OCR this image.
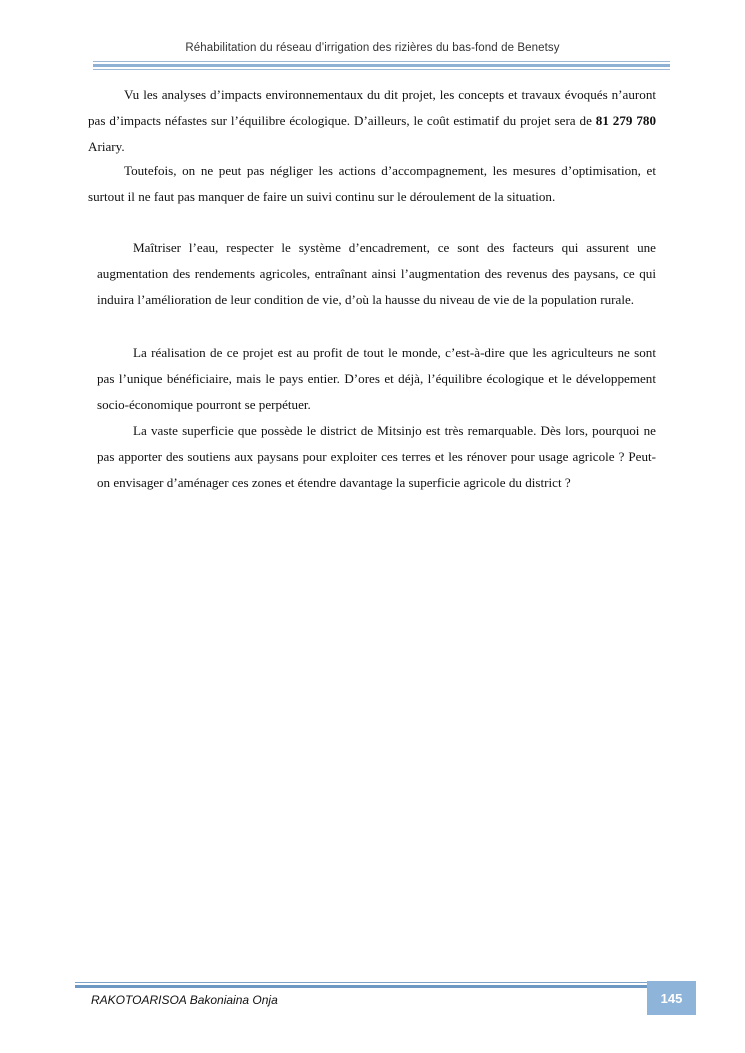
Réhabilitation du réseau d’irrigation des rizières du bas-fond de Benetsy

Vu les analyses d’impacts environnementaux du dit projet, les concepts et travaux évoqués n’auront pas d’impacts néfastes sur l’équilibre écologique. D’ailleurs, le coût estimatif du projet sera de 81 279 780 Ariary.

Toutefois, on ne peut pas négliger les actions d’accompagnement, les mesures d’optimisation, et surtout il ne faut pas manquer de faire un suivi continu sur le déroulement de la situation.

Maîtriser l’eau, respecter le système d’encadrement, ce sont des facteurs qui assurent une augmentation des rendements agricoles, entraînant ainsi l’augmentation des revenus des paysans, ce qui induira l’amélioration de leur condition de vie, d’où la hausse du niveau de vie de la population rurale.

La réalisation de ce projet est au profit de tout le monde, c’est-à-dire que les agriculteurs ne sont pas l’unique bénéficiaire, mais le pays entier. D’ores et déjà, l’équilibre écologique et le développement socio-économique pourront se perpétuer.

La vaste superficie que possède le district de Mitsinjo est très remarquable. Dès lors, pourquoi ne pas apporter des soutiens aux paysans pour exploiter ces terres et les rénover pour usage agricole ? Peut-on envisager d’aménager ces zones et étendre davantage la superficie agricole du district ?

RAKOTOARISOA Bakoniaina Onja	145
